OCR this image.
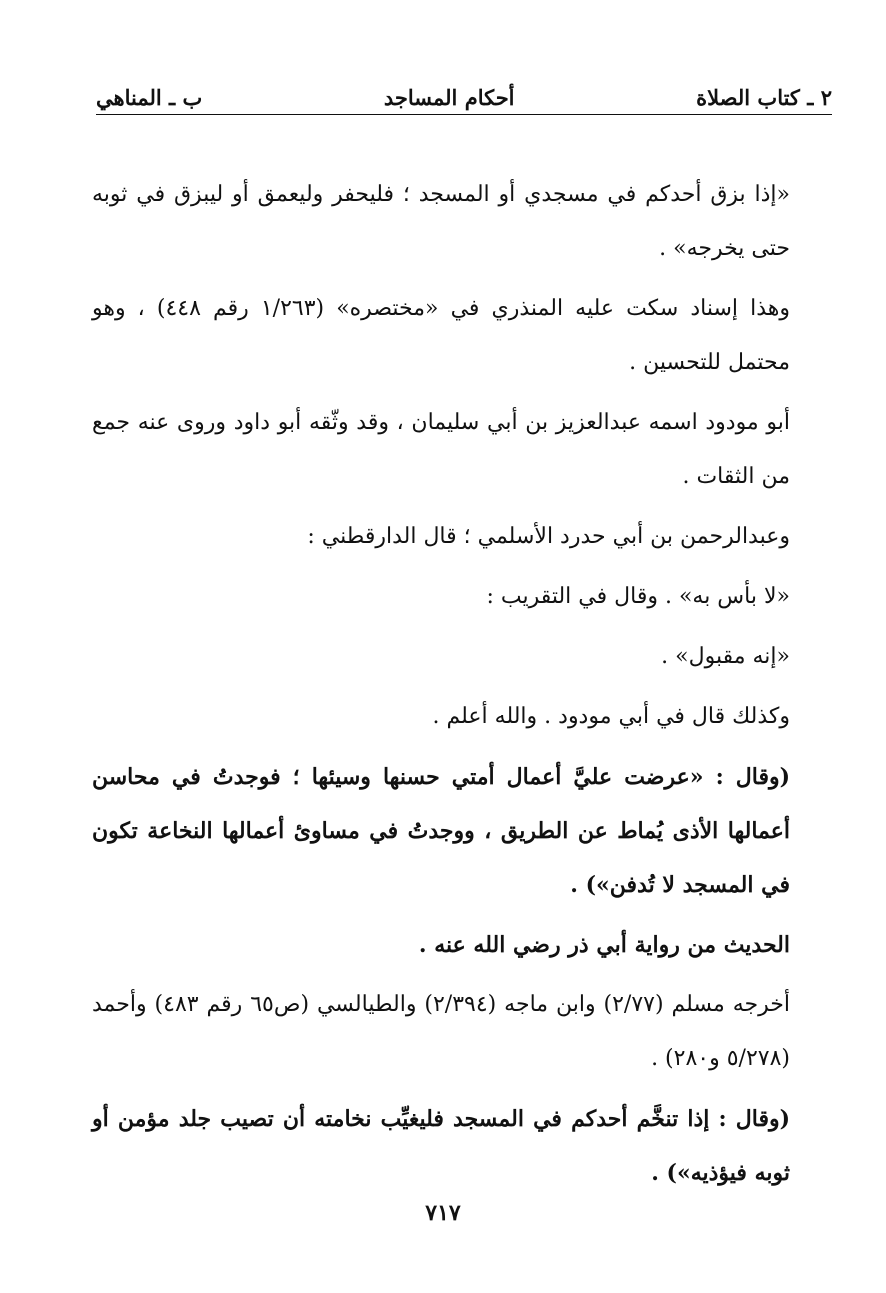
٢ ـ كتاب الصلاة
أحكام المساجد
ب ـ المناهي

«إذا بزق أحدكم في مسجدي أو المسجد ؛ فليحفر وليعمق أو ليبزق في ثوبه حتى يخرجه» .

وهذا إسناد سكت عليه المنذري في «مختصره» (١/٢٦٣ رقم ٤٤٨) ، وهو محتمل للتحسين .

أبو مودود اسمه عبدالعزيز بن أبي سليمان ، وقد وثّقه أبو داود وروى عنه جمع من الثقات .

وعبدالرحمن بن أبي حدرد الأسلمي ؛ قال الدارقطني :

«لا بأس به» . وقال في التقريب :

«إنه مقبول» .

وكذلك قال في أبي مودود . والله أعلم .

(وقال : «عرضت عليَّ أعمال أمتي حسنها وسيئها ؛ فوجدتُ في محاسن أعمالها الأذى يُماط عن الطريق ، ووجدتُ في مساوئ أعمالها النخاعة تكون في المسجد لا تُدفن») .

الحديث من رواية أبي ذر رضي الله عنه .

أخرجه مسلم (٢/٧٧) وابن ماجه (٢/٣٩٤) والطيالسي (ص٦٥ رقم ٤٨٣) وأحمد (٥/٢٧٨ و٢٨٠) .

(وقال : إذا تنخَّم أحدكم في المسجد فليغيِّب نخامته أن تصيب جلد مؤمن أو ثوبه فيؤذيه») .

٧١٧
